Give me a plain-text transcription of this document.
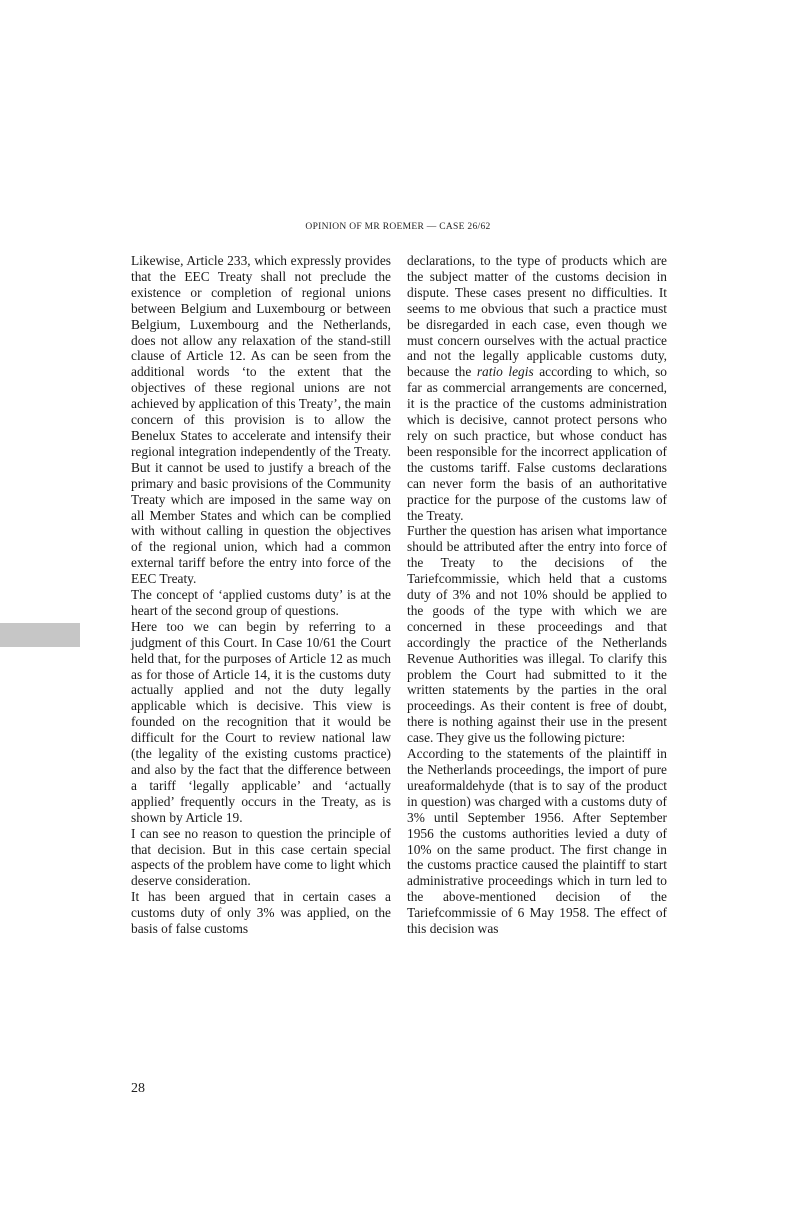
OPINION OF MR ROEMER — CASE 26/62

Likewise, Article 233, which expressly provides that the EEC Treaty shall not preclude the existence or completion of regional unions between Belgium and Luxembourg or between Belgium, Luxembourg and the Netherlands, does not allow any relaxation of the stand-still clause of Article 12. As can be seen from the additional words ‘to the extent that the objectives of these regional unions are not achieved by application of this Treaty’, the main concern of this provision is to allow the Benelux States to accelerate and intensify their regional integration independently of the Treaty. But it cannot be used to justify a breach of the primary and basic provisions of the Community Treaty which are imposed in the same way on all Member States and which can be complied with without calling in question the objectives of the regional union, which had a common external tariff before the entry into force of the EEC Treaty.

The concept of ‘applied customs duty’ is at the heart of the second group of questions.

Here too we can begin by referring to a judgment of this Court. In Case 10/61 the Court held that, for the purposes of Article 12 as much as for those of Article 14, it is the customs duty actually applied and not the duty legally applicable which is decisive. This view is founded on the recognition that it would be difficult for the Court to review national law (the legality of the existing customs practice) and also by the fact that the difference between a tariff ‘legally applicable’ and ‘actually applied’ frequently occurs in the Treaty, as is shown by Article 19.

I can see no reason to question the principle of that decision. But in this case certain special aspects of the problem have come to light which deserve consideration.

It has been argued that in certain cases a customs duty of only 3% was applied, on the basis of false customs

declarations, to the type of products which are the subject matter of the customs decision in dispute. These cases present no difficulties. It seems to me obvious that such a practice must be disregarded in each case, even though we must concern ourselves with the actual practice and not the legally applicable customs duty, because the ratio legis according to which, so far as commercial arrangements are concerned, it is the practice of the customs administration which is decisive, cannot protect persons who rely on such practice, but whose conduct has been responsible for the incorrect application of the customs tariff. False customs declarations can never form the basis of an authoritative practice for the purpose of the customs law of the Treaty.

Further the question has arisen what importance should be attributed after the entry into force of the Treaty to the decisions of the Tariefcommissie, which held that a customs duty of 3% and not 10% should be applied to the goods of the type with which we are concerned in these proceedings and that accordingly the practice of the Netherlands Revenue Authorities was illegal. To clarify this problem the Court had submitted to it the written statements by the parties in the oral proceedings. As their content is free of doubt, there is nothing against their use in the present case. They give us the following picture:

According to the statements of the plaintiff in the Netherlands proceedings, the import of pure ureaformaldehyde (that is to say of the product in question) was charged with a customs duty of 3% until September 1956. After September 1956 the customs authorities levied a duty of 10% on the same product. The first change in the customs practice caused the plaintiff to start administrative proceedings which in turn led to the above-mentioned decision of the Tariefcommissie of 6 May 1958. The effect of this decision was

28
